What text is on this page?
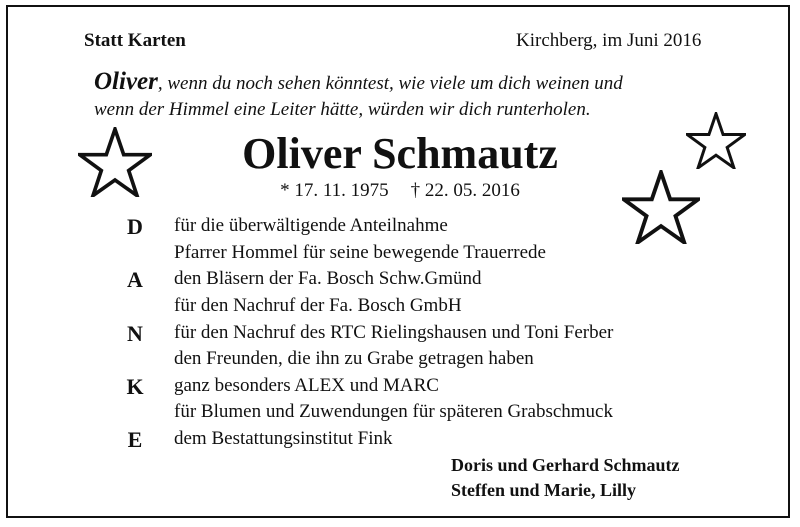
Statt Karten	Kirchberg, im Juni 2016
Oliver, wenn du noch sehen könntest, wie viele um dich weinen und
wenn der Himmel eine Leiter hätte, würden wir dich runterholen.
Oliver Schmautz
* 17. 11. 1975 † 22. 05. 2016
D
A
N
K
E
für die überwältigende Anteilnahme
Pfarrer Hommel für seine bewegende Trauerrede
den Bläsern der Fa. Bosch Schw.Gmünd
für den Nachruf der Fa. Bosch GmbH
für den Nachruf des RTC Rielingshausen und Toni Ferber
den Freunden, die ihn zu Grabe getragen haben
ganz besonders ALEX und MARC
für Blumen und Zuwendungen für späteren Grabschmuck
dem Bestattungsinstitut Fink
Doris und Gerhard Schmautz
Steffen und Marie, Lilly
